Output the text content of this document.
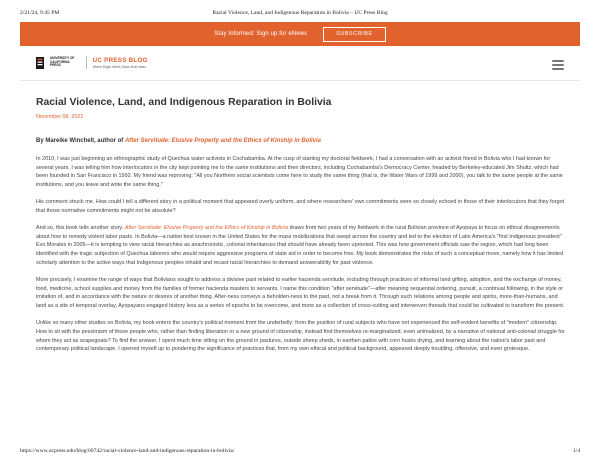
2/21/24, 9:45 PM	Racial Violence, Land, and Indigenous Reparation in Bolivia – UC Press Blog
Stay Informed: Sign up for eNews	SUBSCRIBE
UNIVERSITY OF CALIFORNIA PRESS
UC PRESS BLOG
Where Bright Minds Share Bold Ideas
Racial Violence, Land, and Indigenous Reparation in Bolivia
November 08, 2022
By Mareike Winchell, author of After Servitude: Elusive Property and the Ethics of Kinship in Bolivia

In 2010, I was just beginning an ethnographic study of Quechua water activists in Cochabamba. At the cusp of starting my doctoral fieldwork, I had a conversation with an activist friend in Bolivia who I had known for several years. I was telling him how interlocutors in the city kept pointing me to the same institutions and their directors, including Cochabamba's Democracy Center, headed by Berkeley-educated Jim Shultz, which had been founded in San Francisco in 1992. My friend was reproving: "All you Northern social scientists come here to study the same thing (that is, the Water Wars of 1999 and 2000), you talk to the same people at the same institutions, and you leave and write the same thing."

His comment struck me. How could I tell a different story in a political moment that appeared overly uniform, and where researchers' own commitments were so closely echoed in those of their interlocutors that they forgot that those normative commitments might not be absolute?

And so, this book tells another story. After Servitude: Elusive Property and the Ethics of Kinship in Bolivia draws from two years of my fieldwork in the rural Bolivian province of Ayopaya to focus on ethical disagreements about how to remedy violent labor pasts. In Bolivia—a nation best known in the United States for the mass mobilizations that swept across the country and led to the election of Latin America's "first Indigenous president" Evo Morales in 2005—it is tempting to view racial hierarchies as anachronistic, colonial inheritances that should have already been uprooted. This was how government officials saw the region, which had long been identified with the tragic subjection of Quechua laborers who would require aggressive programs of state aid in order to become free. My book demonstrates the risks of such a conceptual move, namely how it has limited scholarly attention to the active ways that Indigenous peoples inhabit and recast racial hierarchies to demand answerability for past violence.

More precisely, I examine the range of ways that Bolivians sought to address a divisive past related to earlier hacienda servitude, including through practices of informal land gifting, adoption, and the exchange of money, food, medicine, school supplies and money from the families of former hacienda masters to servants. I name this condition "after servitude"—after meaning sequential ordering, pursuit, a continual following, in the style or imitation of, and in accordance with the nature or desires of another thing. After-ness conveys a beholden-ness to the past, not a break from it. Through such relations among people and spirits, more-than-humans, and land as a site of temporal overlay, Ayopayans engaged history less as a series of epochs to be overcome, and more as a collection of cross-cutting and interwoven threads that could be cultivated to transform the present.

Unlike so many other studies on Bolivia, my book enters the country's political moment from the underbelly: from the position of rural subjects who have not experienced the self-evident benefits of "modern" citizenship. How to sit with the pessimism of those people who, rather than finding liberation or a new ground of citizenship, instead find themselves re-marginalized, even animalized, by a narrative of national anti-colonial struggle for whom they act as scapegoats? To find the answer, I spent much time sitting on the ground in pastures, outside sheep sheds, in earthen patios with corn husks drying, and learning about the nation's labor past and contemporary political landscape. I opened myself up to pondering the significance of practices that, from my own ethical and political background, appeared deeply troubling, offensive, and even grotesque.

https://www.ucpress.edu/blog/60742/racial-violence-land-and-indigenous-reparation-in-bolivia/	1/4
